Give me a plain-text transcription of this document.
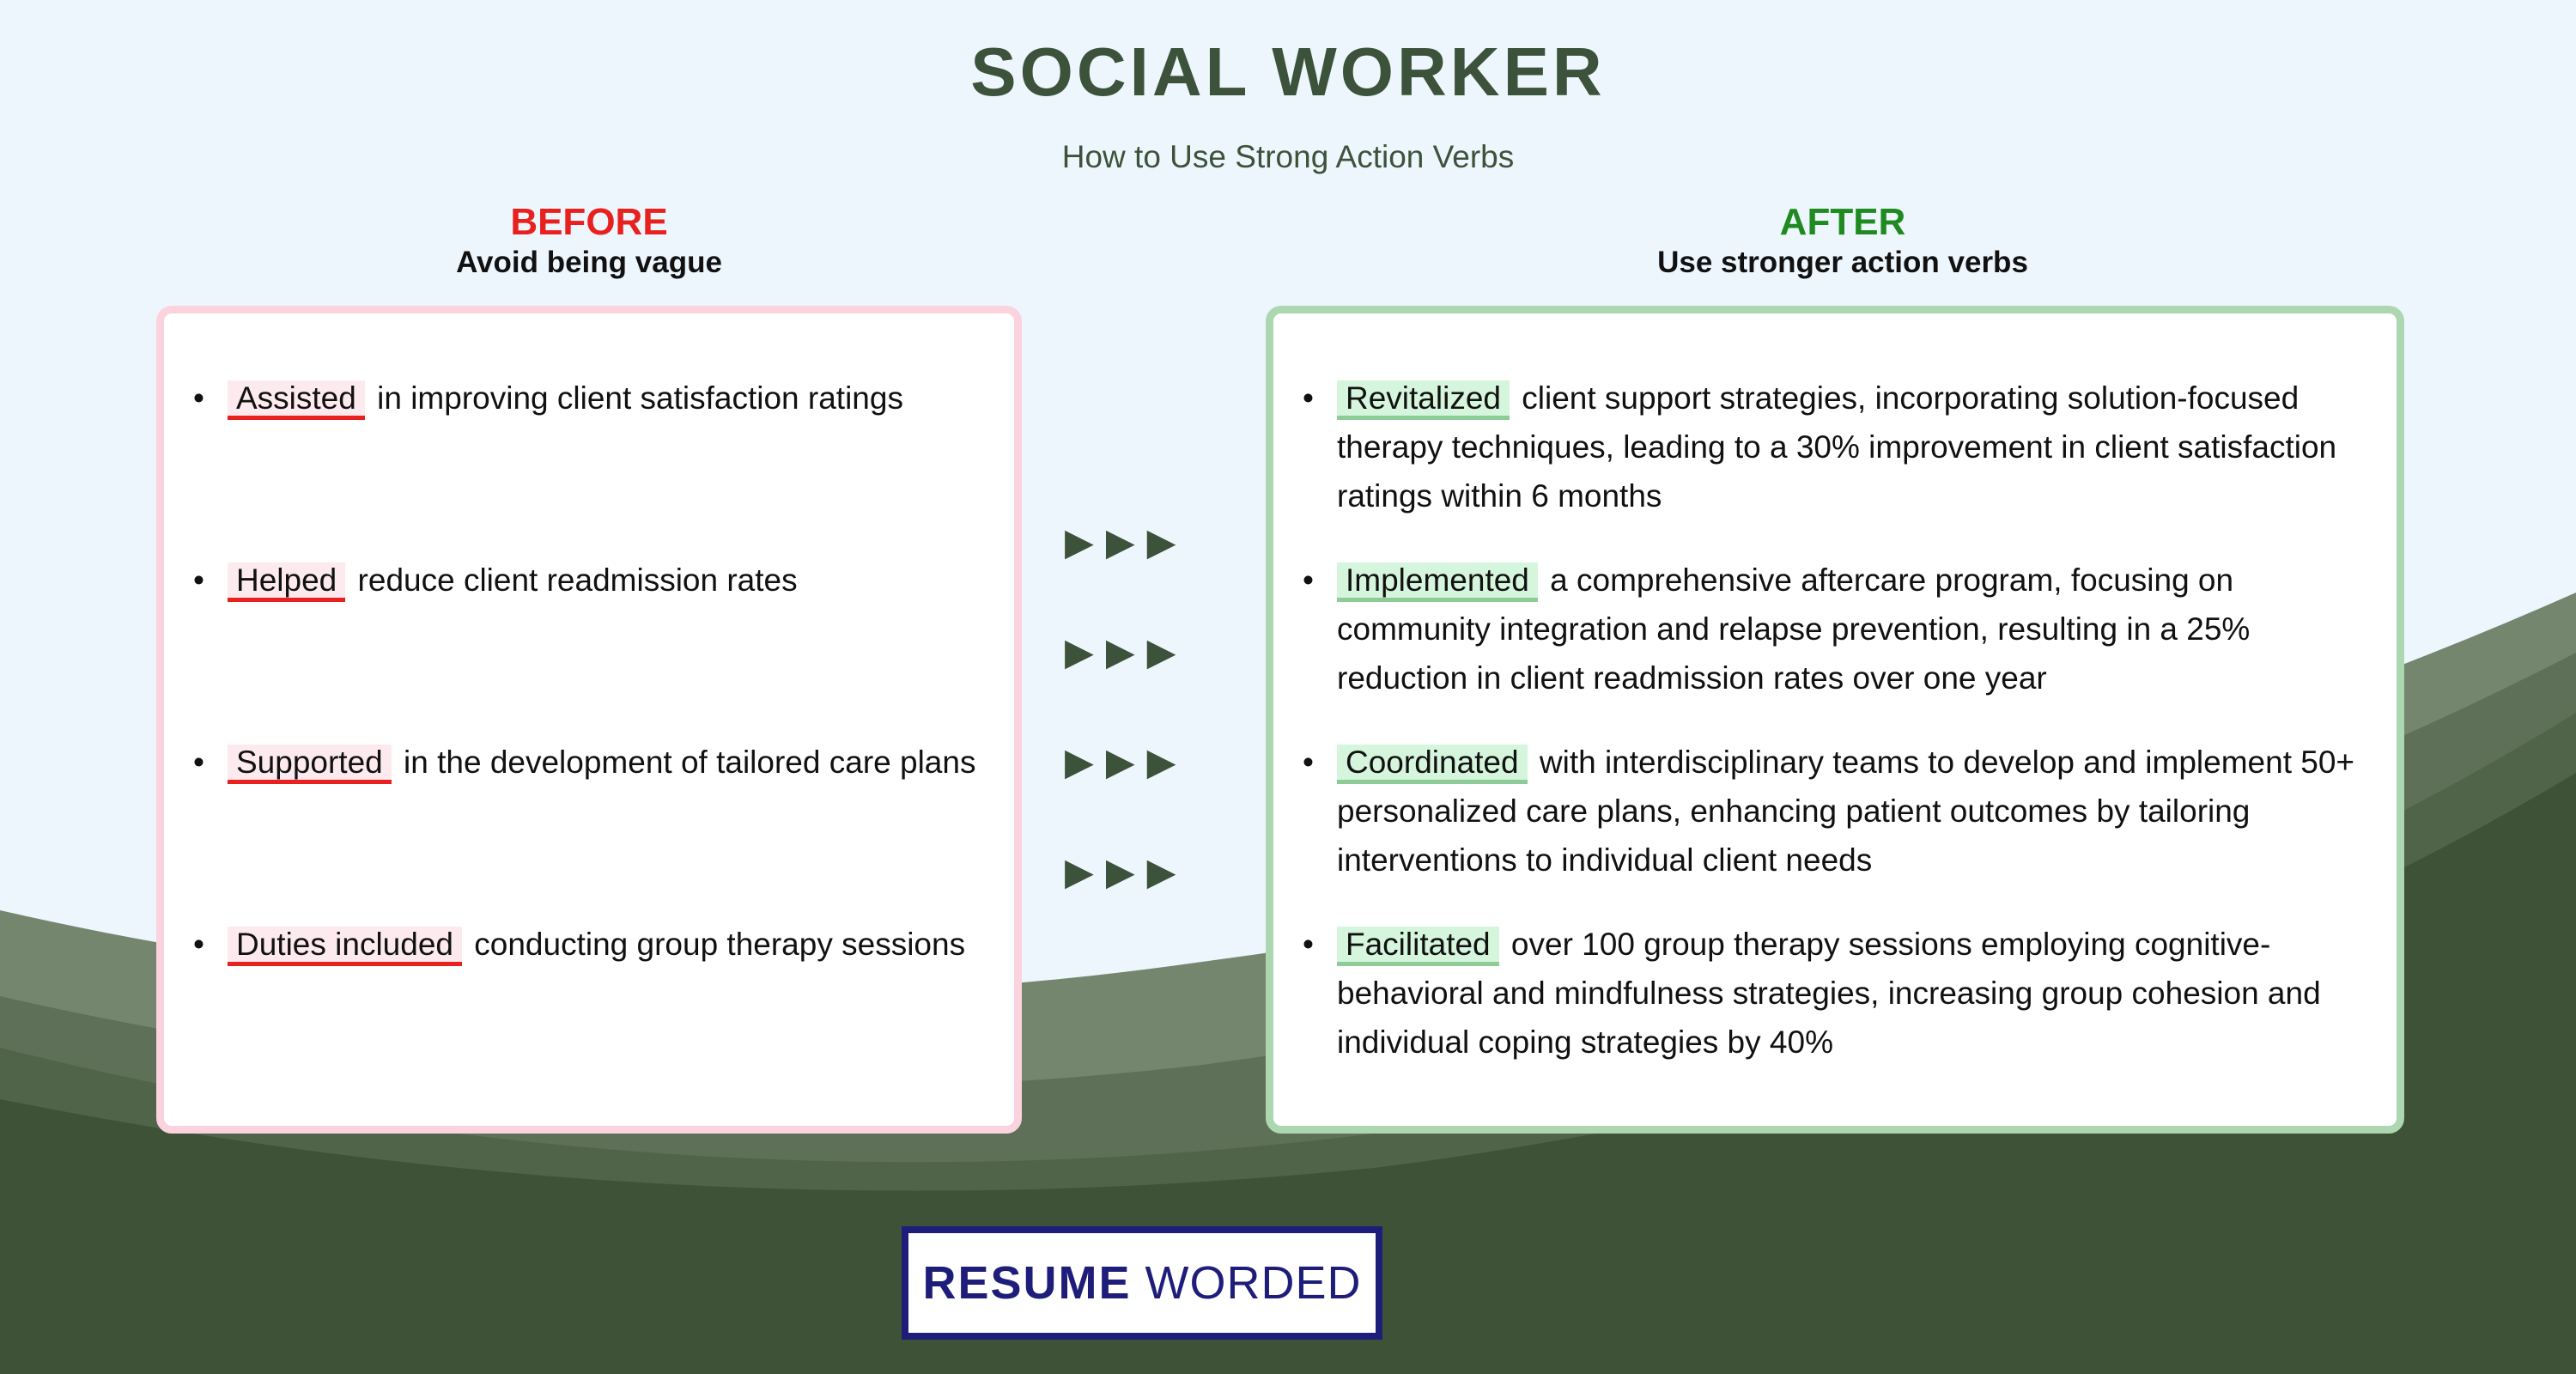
SOCIAL WORKER
How to Use Strong Action Verbs
BEFORE
Avoid being vague
AFTER
Use stronger action verbs
• Assisted in improving client satisfaction ratings
• Helped reduce client readmission rates
• Supported in the development of tailored care plans
• Duties included conducting group therapy sessions
▶▶▶
▶▶▶
▶▶▶
▶▶▶
• Revitalized client support strategies, incorporating solution-focused therapy techniques, leading to a 30% improvement in client satisfaction ratings within 6 months
• Implemented a comprehensive aftercare program, focusing on community integration and relapse prevention, resulting in a 25% reduction in client readmission rates over one year
• Coordinated with interdisciplinary teams to develop and implement 50+ personalized care plans, enhancing patient outcomes by tailoring interventions to individual client needs
• Facilitated over 100 group therapy sessions employing cognitive-behavioral and mindfulness strategies, increasing group cohesion and individual coping strategies by 40%
RESUME WORDED
